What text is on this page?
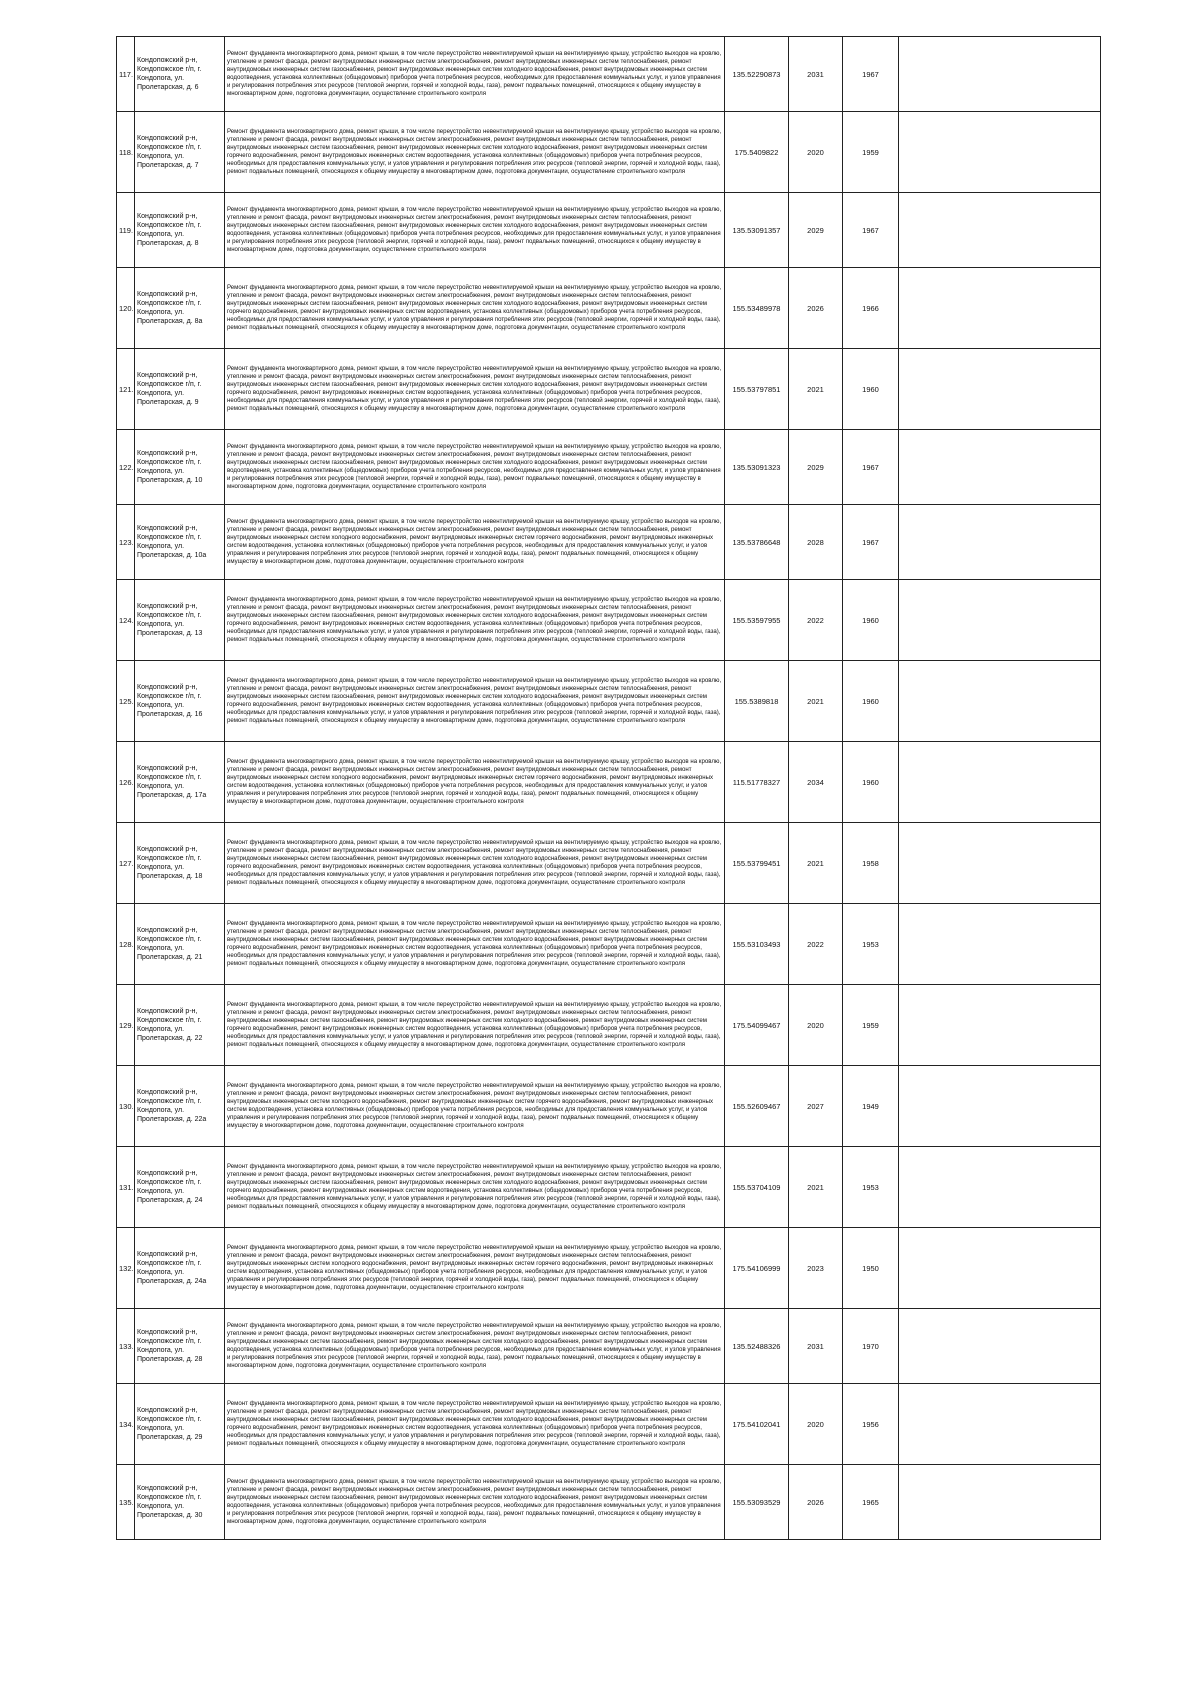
117.	Кондопожский р-н, Кондопожское г/п, г. Кондопога, ул. Пролетарская, д. 6	Ремонт фундамента многоквартирного дома, ремонт крыши, в том числе переустройство невентилируемой крыши на вентилируемую крышу, устройство выходов на кровлю, утепление и ремонт фасада, ремонт внутридомовых инженерных систем электроснабжения, ремонт внутридомовых инженерных систем теплоснабжения, ремонт внутридомовых инженерных систем газоснабжения, ремонт внутридомовых инженерных систем холодного водоснабжения, ремонт внутридомовых инженерных систем водоотведения, установка коллективных (общедомовых) приборов учета потребления ресурсов, необходимых для предоставления коммунальных услуг, и узлов управления и регулирования потребления этих ресурсов (тепловой энергии, горячей и холодной воды, газа), ремонт подвальных помещений, относящихся к общему имуществу в многоквартирном доме, подготовка документации, осуществление строительного контроля	135.52290873	2031	1967	
118.	Кондопожский р-н, Кондопожское г/п, г. Кондопога, ул. Пролетарская, д. 7	Ремонт фундамента многоквартирного дома, ремонт крыши, в том числе переустройство невентилируемой крыши на вентилируемую крышу, устройство выходов на кровлю, утепление и ремонт фасада, ремонт внутридомовых инженерных систем электроснабжения, ремонт внутридомовых инженерных систем теплоснабжения, ремонт внутридомовых инженерных систем газоснабжения, ремонт внутридомовых инженерных систем холодного водоснабжения, ремонт внутридомовых инженерных систем горячего водоснабжения, ремонт внутридомовых инженерных систем водоотведения, установка коллективных (общедомовых) приборов учета потребления ресурсов, необходимых для предоставления коммунальных услуг, и узлов управления и регулирования потребления этих ресурсов (тепловой энергии, горячей и холодной воды, газа), ремонт подвальных помещений, относящихся к общему имуществу в многоквартирном доме, подготовка документации, осуществление строительного контроля	175.5409822	2020	1959	
119.	Кондопожский р-н, Кондопожское г/п, г. Кондопога, ул. Пролетарская, д. 8	Ремонт фундамента многоквартирного дома, ремонт крыши, в том числе переустройство невентилируемой крыши на вентилируемую крышу, устройство выходов на кровлю, утепление и ремонт фасада, ремонт внутридомовых инженерных систем электроснабжения, ремонт внутридомовых инженерных систем теплоснабжения, ремонт внутридомовых инженерных систем газоснабжения, ремонт внутридомовых инженерных систем холодного водоснабжения, ремонт внутридомовых инженерных систем водоотведения, установка коллективных (общедомовых) приборов учета потребления ресурсов, необходимых для предоставления коммунальных услуг, и узлов управления и регулирования потребления этих ресурсов (тепловой энергии, горячей и холодной воды, газа), ремонт подвальных помещений, относящихся к общему имуществу в многоквартирном доме, подготовка документации, осуществление строительного контроля	135.53091357	2029	1967	
120.	Кондопожский р-н, Кондопожское г/п, г. Кондопога, ул. Пролетарская, д. 8а	Ремонт фундамента многоквартирного дома, ремонт крыши, в том числе переустройство невентилируемой крыши на вентилируемую крышу, устройство выходов на кровлю, утепление и ремонт фасада, ремонт внутридомовых инженерных систем электроснабжения, ремонт внутридомовых инженерных систем теплоснабжения, ремонт внутридомовых инженерных систем газоснабжения, ремонт внутридомовых инженерных систем холодного водоснабжения, ремонт внутридомовых инженерных систем горячего водоснабжения, ремонт внутридомовых инженерных систем водоотведения, установка коллективных (общедомовых) приборов учета потребления ресурсов, необходимых для предоставления коммунальных услуг, и узлов управления и регулирования потребления этих ресурсов (тепловой энергии, горячей и холодной воды, газа), ремонт подвальных помещений, относящихся к общему имуществу в многоквартирном доме, подготовка документации, осуществление строительного контроля	155.53489978	2026	1966	
121.	Кондопожский р-н, Кондопожское г/п, г. Кондопога, ул. Пролетарская, д. 9	Ремонт фундамента многоквартирного дома, ремонт крыши, в том числе переустройство невентилируемой крыши на вентилируемую крышу, устройство выходов на кровлю, утепление и ремонт фасада, ремонт внутридомовых инженерных систем электроснабжения, ремонт внутридомовых инженерных систем теплоснабжения, ремонт внутридомовых инженерных систем газоснабжения, ремонт внутридомовых инженерных систем холодного водоснабжения, ремонт внутридомовых инженерных систем горячего водоснабжения, ремонт внутридомовых инженерных систем водоотведения, установка коллективных (общедомовых) приборов учета потребления ресурсов, необходимых для предоставления коммунальных услуг, и узлов управления и регулирования потребления этих ресурсов (тепловой энергии, горячей и холодной воды, газа), ремонт подвальных помещений, относящихся к общему имуществу в многоквартирном доме, подготовка документации, осуществление строительного контроля	155.53797851	2021	1960	
122.	Кондопожский р-н, Кондопожское г/п, г. Кондопога, ул. Пролетарская, д. 10	Ремонт фундамента многоквартирного дома, ремонт крыши, в том числе переустройство невентилируемой крыши на вентилируемую крышу, устройство выходов на кровлю, утепление и ремонт фасада, ремонт внутридомовых инженерных систем электроснабжения, ремонт внутридомовых инженерных систем теплоснабжения, ремонт внутридомовых инженерных систем газоснабжения, ремонт внутридомовых инженерных систем холодного водоснабжения, ремонт внутридомовых инженерных систем водоотведения, установка коллективных (общедомовых) приборов учета потребления ресурсов, необходимых для предоставления коммунальных услуг, и узлов управления и регулирования потребления этих ресурсов (тепловой энергии, горячей и холодной воды, газа), ремонт подвальных помещений, относящихся к общему имуществу в многоквартирном доме, подготовка документации, осуществление строительного контроля	135.53091323	2029	1967	
123.	Кондопожский р-н, Кондопожское г/п, г. Кондопога, ул. Пролетарская, д. 10а	Ремонт фундамента многоквартирного дома, ремонт крыши, в том числе переустройство невентилируемой крыши на вентилируемую крышу, устройство выходов на кровлю, утепление и ремонт фасада, ремонт внутридомовых инженерных систем электроснабжения, ремонт внутридомовых инженерных систем теплоснабжения, ремонт внутридомовых инженерных систем холодного водоснабжения, ремонт внутридомовых инженерных систем горячего водоснабжения, ремонт внутридомовых инженерных систем водоотведения, установка коллективных (общедомовых) приборов учета потребления ресурсов, необходимых для предоставления коммунальных услуг, и узлов управления и регулирования потребления этих ресурсов (тепловой энергии, горячей и холодной воды, газа), ремонт подвальных помещений, относящихся к общему имуществу в многоквартирном доме, подготовка документации, осуществление строительного контроля	135.53786648	2028	1967	
124.	Кондопожский р-н, Кондопожское г/п, г. Кондопога, ул. Пролетарская, д. 13	Ремонт фундамента многоквартирного дома, ремонт крыши, в том числе переустройство невентилируемой крыши на вентилируемую крышу, устройство выходов на кровлю, утепление и ремонт фасада, ремонт внутридомовых инженерных систем электроснабжения, ремонт внутридомовых инженерных систем теплоснабжения, ремонт внутридомовых инженерных систем газоснабжения, ремонт внутридомовых инженерных систем холодного водоснабжения, ремонт внутридомовых инженерных систем горячего водоснабжения, ремонт внутридомовых инженерных систем водоотведения, установка коллективных (общедомовых) приборов учета потребления ресурсов, необходимых для предоставления коммунальных услуг, и узлов управления и регулирования потребления этих ресурсов (тепловой энергии, горячей и холодной воды, газа), ремонт подвальных помещений, относящихся к общему имуществу в многоквартирном доме, подготовка документации, осуществление строительного контроля	155.53597955	2022	1960	
125.	Кондопожский р-н, Кондопожское г/п, г. Кондопога, ул. Пролетарская, д. 16	Ремонт фундамента многоквартирного дома, ремонт крыши, в том числе переустройство невентилируемой крыши на вентилируемую крышу, устройство выходов на кровлю, утепление и ремонт фасада, ремонт внутридомовых инженерных систем электроснабжения, ремонт внутридомовых инженерных систем теплоснабжения, ремонт внутридомовых инженерных систем газоснабжения, ремонт внутридомовых инженерных систем холодного водоснабжения, ремонт внутридомовых инженерных систем горячего водоснабжения, ремонт внутридомовых инженерных систем водоотведения, установка коллективных (общедомовых) приборов учета потребления ресурсов, необходимых для предоставления коммунальных услуг, и узлов управления и регулирования потребления этих ресурсов (тепловой энергии, горячей и холодной воды, газа), ремонт подвальных помещений, относящихся к общему имуществу в многоквартирном доме, подготовка документации, осуществление строительного контроля	155.5389818	2021	1960	
126.	Кондопожский р-н, Кондопожское г/п, г. Кондопога, ул. Пролетарская, д. 17а	Ремонт фундамента многоквартирного дома, ремонт крыши, в том числе переустройство невентилируемой крыши на вентилируемую крышу, устройство выходов на кровлю, утепление и ремонт фасада, ремонт внутридомовых инженерных систем электроснабжения, ремонт внутридомовых инженерных систем теплоснабжения, ремонт внутридомовых инженерных систем холодного водоснабжения, ремонт внутридомовых инженерных систем горячего водоснабжения, ремонт внутридомовых инженерных систем водоотведения, установка коллективных (общедомовых) приборов учета потребления ресурсов, необходимых для предоставления коммунальных услуг, и узлов управления и регулирования потребления этих ресурсов (тепловой энергии, горячей и холодной воды, газа), ремонт подвальных помещений, относящихся к общему имуществу в многоквартирном доме, подготовка документации, осуществление строительного контроля	115.51778327	2034	1960	
127.	Кондопожский р-н, Кондопожское г/п, г. Кондопога, ул. Пролетарская, д. 18	Ремонт фундамента многоквартирного дома, ремонт крыши, в том числе переустройство невентилируемой крыши на вентилируемую крышу, устройство выходов на кровлю, утепление и ремонт фасада, ремонт внутридомовых инженерных систем электроснабжения, ремонт внутридомовых инженерных систем теплоснабжения, ремонт внутридомовых инженерных систем газоснабжения, ремонт внутридомовых инженерных систем холодного водоснабжения, ремонт внутридомовых инженерных систем горячего водоснабжения, ремонт внутридомовых инженерных систем водоотведения, установка коллективных (общедомовых) приборов учета потребления ресурсов, необходимых для предоставления коммунальных услуг, и узлов управления и регулирования потребления этих ресурсов (тепловой энергии, горячей и холодной воды, газа), ремонт подвальных помещений, относящихся к общему имуществу в многоквартирном доме, подготовка документации, осуществление строительного контроля	155.53799451	2021	1958	
128.	Кондопожский р-н, Кондопожское г/п, г. Кондопога, ул. Пролетарская, д. 21	Ремонт фундамента многоквартирного дома, ремонт крыши, в том числе переустройство невентилируемой крыши на вентилируемую крышу, устройство выходов на кровлю, утепление и ремонт фасада, ремонт внутридомовых инженерных систем электроснабжения, ремонт внутридомовых инженерных систем теплоснабжения, ремонт внутридомовых инженерных систем газоснабжения, ремонт внутридомовых инженерных систем холодного водоснабжения, ремонт внутридомовых инженерных систем горячего водоснабжения, ремонт внутридомовых инженерных систем водоотведения, установка коллективных (общедомовых) приборов учета потребления ресурсов, необходимых для предоставления коммунальных услуг, и узлов управления и регулирования потребления этих ресурсов (тепловой энергии, горячей и холодной воды, газа), ремонт подвальных помещений, относящихся к общему имуществу в многоквартирном доме, подготовка документации, осуществление строительного контроля	155.53103493	2022	1953	
129.	Кондопожский р-н, Кондопожское г/п, г. Кондопога, ул. Пролетарская, д. 22	Ремонт фундамента многоквартирного дома, ремонт крыши, в том числе переустройство невентилируемой крыши на вентилируемую крышу, устройство выходов на кровлю, утепление и ремонт фасада, ремонт внутридомовых инженерных систем электроснабжения, ремонт внутридомовых инженерных систем теплоснабжения, ремонт внутридомовых инженерных систем газоснабжения, ремонт внутридомовых инженерных систем холодного водоснабжения, ремонт внутридомовых инженерных систем горячего водоснабжения, ремонт внутридомовых инженерных систем водоотведения, установка коллективных (общедомовых) приборов учета потребления ресурсов, необходимых для предоставления коммунальных услуг, и узлов управления и регулирования потребления этих ресурсов (тепловой энергии, горячей и холодной воды, газа), ремонт подвальных помещений, относящихся к общему имуществу в многоквартирном доме, подготовка документации, осуществление строительного контроля	175.54099467	2020	1959	
130.	Кондопожский р-н, Кондопожское г/п, г. Кондопога, ул. Пролетарская, д. 22а	Ремонт фундамента многоквартирного дома, ремонт крыши, в том числе переустройство невентилируемой крыши на вентилируемую крышу, устройство выходов на кровлю, утепление и ремонт фасада, ремонт внутридомовых инженерных систем электроснабжения, ремонт внутридомовых инженерных систем теплоснабжения, ремонт внутридомовых инженерных систем холодного водоснабжения, ремонт внутридомовых инженерных систем горячего водоснабжения, ремонт внутридомовых инженерных систем водоотведения, установка коллективных (общедомовых) приборов учета потребления ресурсов, необходимых для предоставления коммунальных услуг, и узлов управления и регулирования потребления этих ресурсов (тепловой энергии, горячей и холодной воды, газа), ремонт подвальных помещений, относящихся к общему имуществу в многоквартирном доме, подготовка документации, осуществление строительного контроля	155.52609467	2027	1949	
131.	Кондопожский р-н, Кондопожское г/п, г. Кондопога, ул. Пролетарская, д. 24	Ремонт фундамента многоквартирного дома, ремонт крыши, в том числе переустройство невентилируемой крыши на вентилируемую крышу, устройство выходов на кровлю, утепление и ремонт фасада, ремонт внутридомовых инженерных систем электроснабжения, ремонт внутридомовых инженерных систем теплоснабжения, ремонт внутридомовых инженерных систем газоснабжения, ремонт внутридомовых инженерных систем холодного водоснабжения, ремонт внутридомовых инженерных систем горячего водоснабжения, ремонт внутридомовых инженерных систем водоотведения, установка коллективных (общедомовых) приборов учета потребления ресурсов, необходимых для предоставления коммунальных услуг, и узлов управления и регулирования потребления этих ресурсов (тепловой энергии, горячей и холодной воды, газа), ремонт подвальных помещений, относящихся к общему имуществу в многоквартирном доме, подготовка документации, осуществление строительного контроля	155.53704109	2021	1953	
132.	Кондопожский р-н, Кондопожское г/п, г. Кондопога, ул. Пролетарская, д. 24а	Ремонт фундамента многоквартирного дома, ремонт крыши, в том числе переустройство невентилируемой крыши на вентилируемую крышу, устройство выходов на кровлю, утепление и ремонт фасада, ремонт внутридомовых инженерных систем электроснабжения, ремонт внутридомовых инженерных систем теплоснабжения, ремонт внутридомовых инженерных систем холодного водоснабжения, ремонт внутридомовых инженерных систем горячего водоснабжения, ремонт внутридомовых инженерных систем водоотведения, установка коллективных (общедомовых) приборов учета потребления ресурсов, необходимых для предоставления коммунальных услуг, и узлов управления и регулирования потребления этих ресурсов (тепловой энергии, горячей и холодной воды, газа), ремонт подвальных помещений, относящихся к общему имуществу в многоквартирном доме, подготовка документации, осуществление строительного контроля	175.54106999	2023	1950	
133.	Кондопожский р-н, Кондопожское г/п, г. Кондопога, ул. Пролетарская, д. 28	Ремонт фундамента многоквартирного дома, ремонт крыши, в том числе переустройство невентилируемой крыши на вентилируемую крышу, устройство выходов на кровлю, утепление и ремонт фасада, ремонт внутридомовых инженерных систем электроснабжения, ремонт внутридомовых инженерных систем теплоснабжения, ремонт внутридомовых инженерных систем газоснабжения, ремонт внутридомовых инженерных систем холодного водоснабжения, ремонт внутридомовых инженерных систем водоотведения, установка коллективных (общедомовых) приборов учета потребления ресурсов, необходимых для предоставления коммунальных услуг, и узлов управления и регулирования потребления этих ресурсов (тепловой энергии, горячей и холодной воды, газа), ремонт подвальных помещений, относящихся к общему имуществу в многоквартирном доме, подготовка документации, осуществление строительного контроля	135.52488326	2031	1970	
134.	Кондопожский р-н, Кондопожское г/п, г. Кондопога, ул. Пролетарская, д. 29	Ремонт фундамента многоквартирного дома, ремонт крыши, в том числе переустройство невентилируемой крыши на вентилируемую крышу, устройство выходов на кровлю, утепление и ремонт фасада, ремонт внутридомовых инженерных систем электроснабжения, ремонт внутридомовых инженерных систем теплоснабжения, ремонт внутридомовых инженерных систем газоснабжения, ремонт внутридомовых инженерных систем холодного водоснабжения, ремонт внутридомовых инженерных систем горячего водоснабжения, ремонт внутридомовых инженерных систем водоотведения, установка коллективных (общедомовых) приборов учета потребления ресурсов, необходимых для предоставления коммунальных услуг, и узлов управления и регулирования потребления этих ресурсов (тепловой энергии, горячей и холодной воды, газа), ремонт подвальных помещений, относящихся к общему имуществу в многоквартирном доме, подготовка документации, осуществление строительного контроля	175.54102041	2020	1956	
135.	Кондопожский р-н, Кондопожское г/п, г. Кондопога, ул. Пролетарская, д. 30	Ремонт фундамента многоквартирного дома, ремонт крыши, в том числе переустройство невентилируемой крыши на вентилируемую крышу, устройство выходов на кровлю, утепление и ремонт фасада, ремонт внутридомовых инженерных систем электроснабжения, ремонт внутридомовых инженерных систем теплоснабжения, ремонт внутридомовых инженерных систем газоснабжения, ремонт внутридомовых инженерных систем холодного водоснабжения, ремонт внутридомовых инженерных систем водоотведения, установка коллективных (общедомовых) приборов учета потребления ресурсов, необходимых для предоставления коммунальных услуг, и узлов управления и регулирования потребления этих ресурсов (тепловой энергии, горячей и холодной воды, газа), ремонт подвальных помещений, относящихся к общему имуществу в многоквартирном доме, подготовка документации, осуществление строительного контроля	155.53093529	2026	1965	
